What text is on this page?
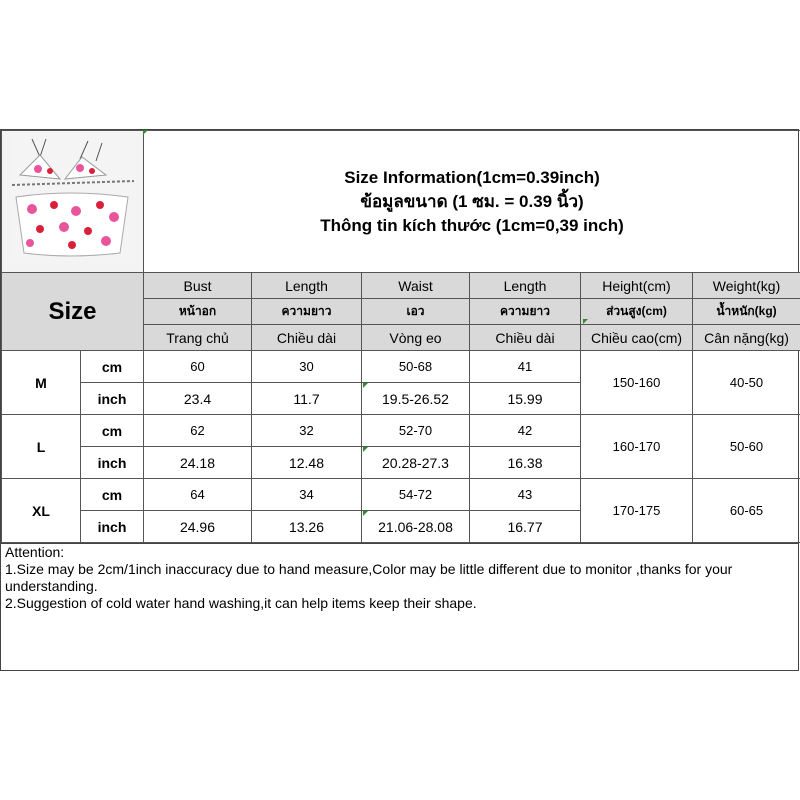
Size Information(1cm=0.39inch)
ข้อมูลขนาด (1 ซม. = 0.39 นิ้ว)
Thông tin kích thước (1cm=0,39 inch)					

Size		Bust	Length	Waist	Length	Height(cm)	Weight(kg)
		หน้าอก	ความยาว	เอว	ความยาว	ส่วนสูง(cm)	น้ำหนัก(kg)
		Trang chủ	Chiều dài	Vòng eo	Chiều dài	Chiều cao(cm)	Cân nặng(kg)
M	cm	60	30	50-68	41	150-160	40-50
	inch	23.4	11.7	19.5-26.52	15.99		
L	cm	62	32	52-70	42	160-170	50-60
	inch	24.18	12.48	20.28-27.3	16.38		
XL	cm	64	34	54-72	43	170-175	60-65
	inch	24.96	13.26	21.06-28.08	16.77		
Attention:
1.Size may be 2cm/1inch inaccuracy due to hand measure,Color may be little different due to monitor ,thanks for your
understanding.
2.Suggestion of cold water hand washing,it can help items keep their shape.
